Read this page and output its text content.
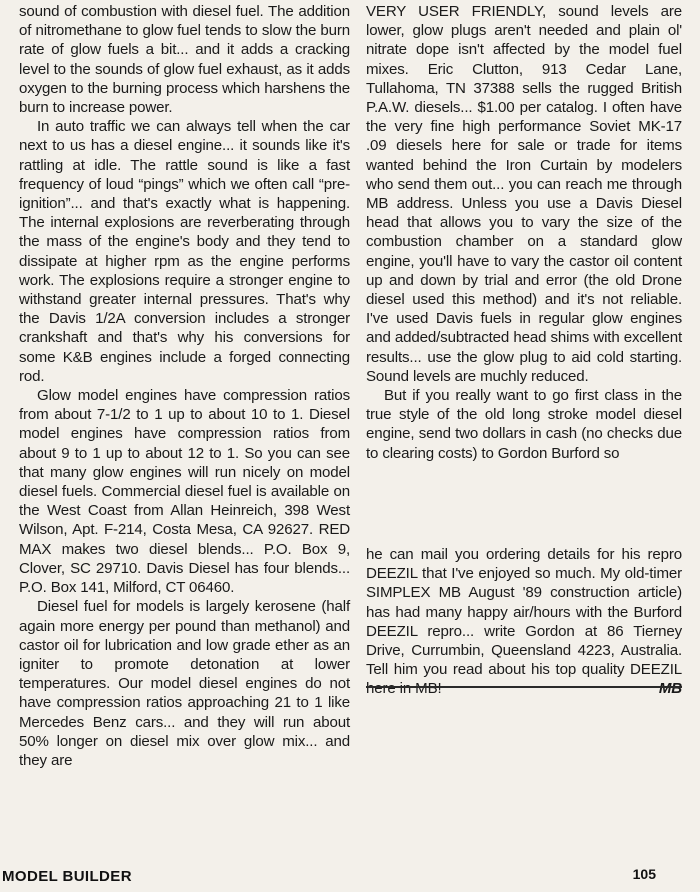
sound of combustion with diesel fuel. The addition of nitromethane to glow fuel tends to slow the burn rate of glow fuels a bit... and it adds a cracking level to the sounds of glow fuel exhaust, as it adds oxygen to the burning process which harshens the burn to increase power.

In auto traffic we can always tell when the car next to us has a diesel engine... it sounds like it's rattling at idle. The rattle sound is like a fast frequency of loud “pings” which we often call “pre-ignition”... and that's exactly what is happening. The internal explosions are reverberating through the mass of the engine's body and they tend to dissipate at higher rpm as the engine performs work. The explosions require a stronger engine to withstand greater internal pressures. That's why the Davis 1/2A conversion includes a stronger crankshaft and that's why his conversions for some K&B engines include a forged connecting rod.

Glow model engines have compression ratios from about 7-1/2 to 1 up to about 10 to 1. Diesel model engines have compression ratios from about 9 to 1 up to about 12 to 1. So you can see that many glow engines will run nicely on model diesel fuels. Commercial diesel fuel is available on the West Coast from Allan Heinreich, 398 West Wilson, Apt. F-214, Costa Mesa, CA 92627. RED MAX makes two diesel blends... P.O. Box 9, Clover, SC 29710. Davis Diesel has four blends... P.O. Box 141, Milford, CT 06460.

Diesel fuel for models is largely kerosene (half again more energy per pound than methanol) and castor oil for lubrication and low grade ether as an igniter to promote detonation at lower temperatures. Our model diesel engines do not have compression ratios approaching 21 to 1 like Mercedes Benz cars... and they will run about 50% longer on diesel mix over glow mix... and they are

VERY USER FRIENDLY, sound levels are lower, glow plugs aren't needed and plain ol' nitrate dope isn't affected by the model fuel mixes. Eric Clutton, 913 Cedar Lane, Tullahoma, TN 37388 sells the rugged British P.A.W. diesels... $1.00 per catalog. I often have the very fine high performance Soviet MK-17 .09 diesels here for sale or trade for items wanted behind the Iron Curtain by modelers who send them out... you can reach me through MB address. Unless you use a Davis Diesel head that allows you to vary the size of the combustion chamber on a standard glow engine, you'll have to vary the castor oil content up and down by trial and error (the old Drone diesel used this method) and it's not reliable. I've used Davis fuels in regular glow engines and added/subtracted head shims with excellent results... use the glow plug to aid cold starting. Sound levels are muchly reduced.

But if you really want to go first class in the true style of the old long stroke model diesel engine, send two dollars in cash (no checks due to clearing costs) to Gordon Burford so

he can mail you ordering details for his repro DEEZIL that I've enjoyed so much. My old-timer SIMPLEX MB August '89 construction article) has had many happy air/hours with the Burford DEEZIL repro... write Gordon at 86 Tierney Drive, Currumbin, Queensland 4223, Australia. Tell him you read about his top quality DEEZIL here in MB!	MB

MODEL BUILDER	105
